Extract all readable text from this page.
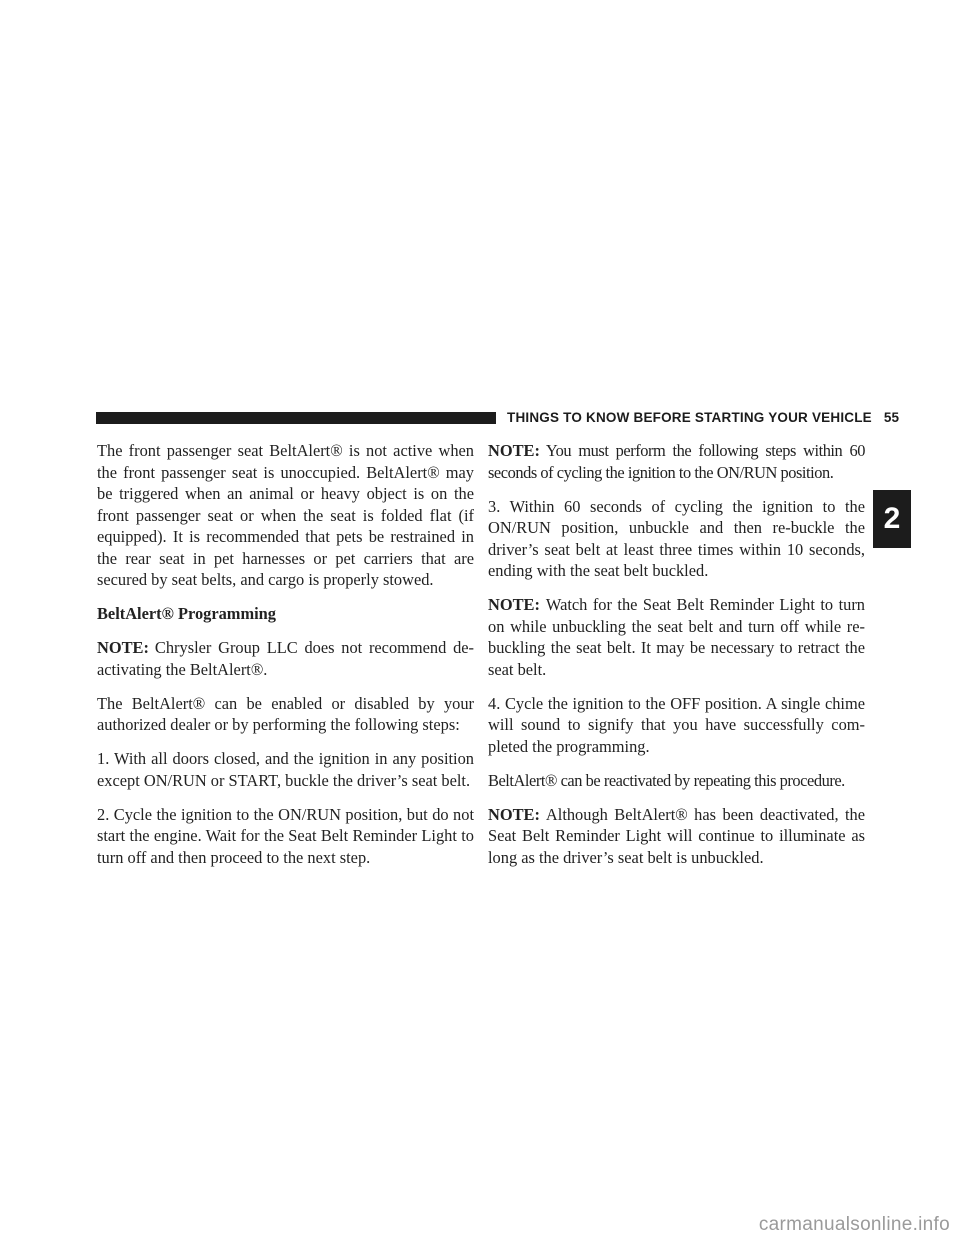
THINGS TO KNOW BEFORE STARTING YOUR VEHICLE 55

The front passenger seat BeltAlert® is not active when the front passenger seat is unoccupied. BeltAlert® may be triggered when an animal or heavy object is on the front passenger seat or when the seat is folded flat (if equipped). It is recommended that pets be restrained in the rear seat in pet harnesses or pet carriers that are secured by seat belts, and cargo is properly stowed.

BeltAlert® Programming

NOTE: Chrysler Group LLC does not recommend de-activating the BeltAlert®.

The BeltAlert® can be enabled or disabled by your authorized dealer or by performing the following steps:

1. With all doors closed, and the ignition in any position except ON/RUN or START, buckle the driver’s seat belt.

2. Cycle the ignition to the ON/RUN position, but do not start the engine. Wait for the Seat Belt Reminder Light to turn off and then proceed to the next step.

NOTE: You must perform the following steps within 60 seconds of cycling the ignition to the ON/RUN position.

3. Within 60 seconds of cycling the ignition to the ON/RUN position, unbuckle and then re-buckle the driver’s seat belt at least three times within 10 seconds, ending with the seat belt buckled.

NOTE: Watch for the Seat Belt Reminder Light to turn on while unbuckling the seat belt and turn off while re-buckling the seat belt. It may be necessary to retract the seat belt.

4. Cycle the ignition to the OFF position. A single chime will sound to signify that you have successfully com-pleted the programming.

BeltAlert® can be reactivated by repeating this procedure.

NOTE: Although BeltAlert® has been deactivated, the Seat Belt Reminder Light will continue to illuminate as long as the driver’s seat belt is unbuckled.

2
carmanualsonline.info
